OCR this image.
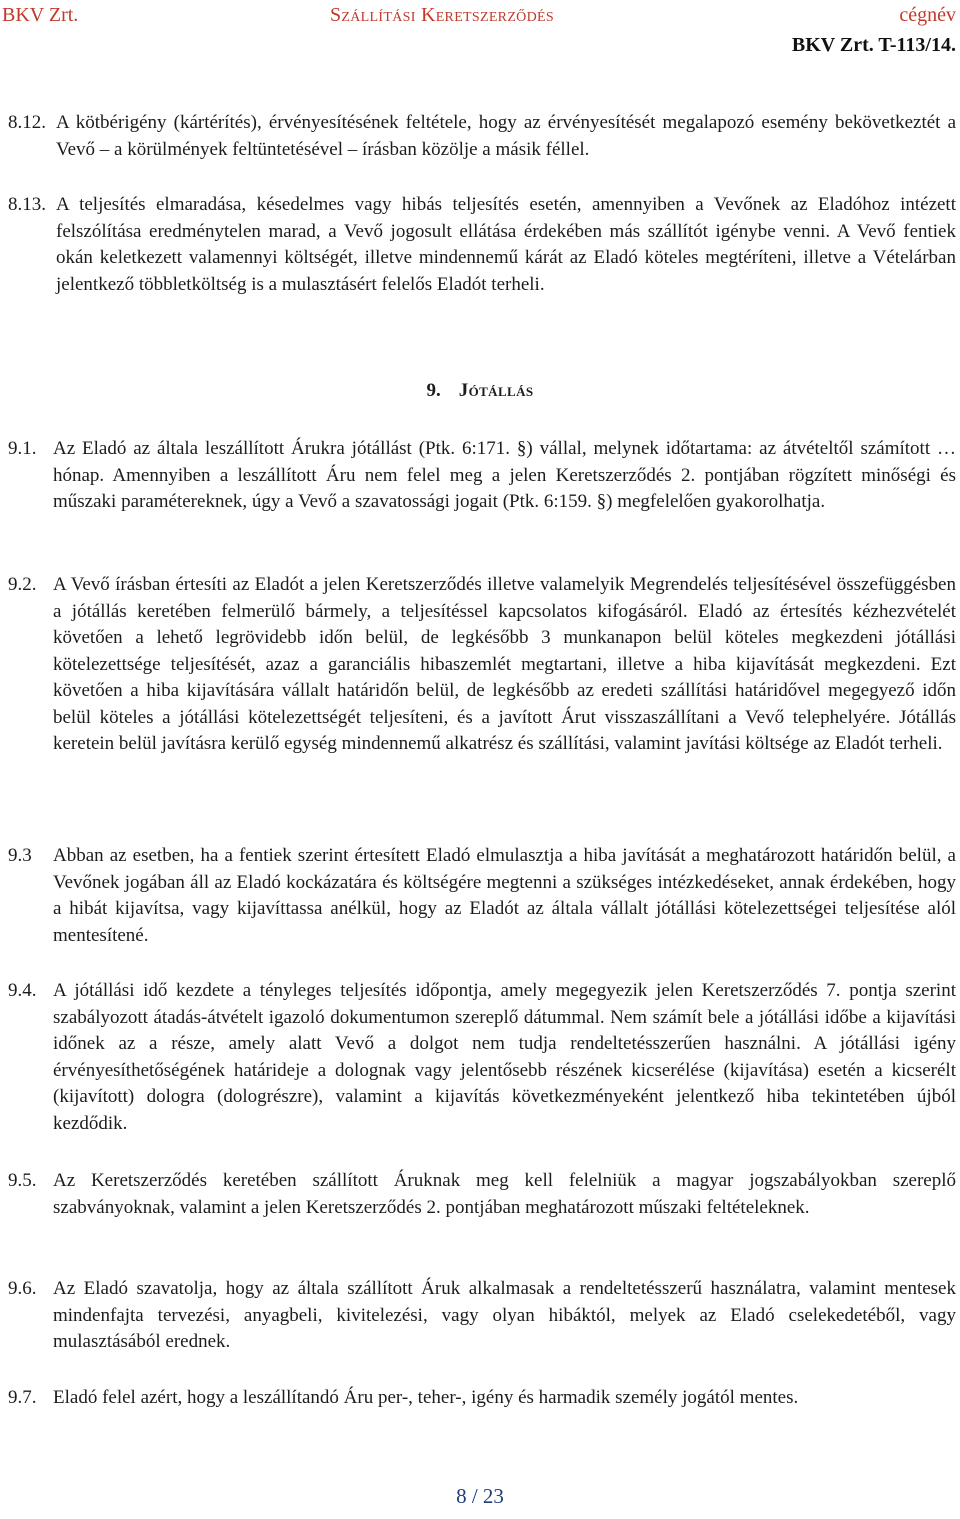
BKV Zrt.	Szállítási Keretszerződés	cégnév
BKV Zrt. T-113/14.
8.12. A kötbérigény (kártérítés), érvényesítésének feltétele, hogy az érvényesítését megalapozó esemény bekövetkeztét a Vevő – a körülmények feltüntetésével – írásban közölje a másik féllel.
8.13. A teljesítés elmaradása, késedelmes vagy hibás teljesítés esetén, amennyiben a Vevőnek az Eladóhoz intézett felszólítása eredménytelen marad, a Vevő jogosult ellátása érdekében más szállítót igénybe venni. A Vevő fentiek okán keletkezett valamennyi költségét, illetve mindennemű kárát az Eladó köteles megtéríteni, illetve a Vételárban jelentkező többletköltség is a mulasztásért felelős Eladót terheli.
9. Jótállás
9.1. Az Eladó az általa leszállított Árukra jótállást (Ptk. 6:171. §) vállal, melynek időtartama: az átvételtől számított … hónap. Amennyiben a leszállított Áru nem felel meg a jelen Keretszerződés 2. pontjában rögzített minőségi és műszaki paramétereknek, úgy a Vevő a szavatossági jogait (Ptk. 6:159. §) megfelelően gyakorolhatja.
9.2. A Vevő írásban értesíti az Eladót a jelen Keretszerződés illetve valamelyik Megrendelés teljesítésével összefüggésben a jótállás keretében felmerülő bármely, a teljesítéssel kapcsolatos kifogásáról. Eladó az értesítés kézhezvételét követően a lehető legrövidebb időn belül, de legkésőbb 3 munkanapon belül köteles megkezdeni jótállási kötelezettsége teljesítését, azaz a garanciális hibaszemlét megtartani, illetve a hiba kijavítását megkezdeni. Ezt követően a hiba kijavítására vállalt határidőn belül, de legkésőbb az eredeti szállítási határidővel megegyező időn belül köteles a jótállási kötelezettségét teljesíteni, és a javított Árut visszaszállítani a Vevő telephelyére. Jótállás keretein belül javításra kerülő egység mindennemű alkatrész és szállítási, valamint javítási költsége az Eladót terheli.
9.3	Abban az esetben, ha a fentiek szerint értesített Eladó elmulasztja a hiba javítását a meghatározott határidőn belül, a Vevőnek jogában áll az Eladó kockázatára és költségére megtenni a szükséges intézkedéseket, annak érdekében, hogy a hibát kijavítsa, vagy kijavíttassa anélkül, hogy az Eladót az általa vállalt jótállási kötelezettségei teljesítése alól mentesítené.
9.4. A jótállási idő kezdete a tényleges teljesítés időpontja, amely megegyezik jelen Keretszerződés 7. pontja szerint szabályozott átadás-átvételt igazoló dokumentumon szereplő dátummal. Nem számít bele a jótállási időbe a kijavítási időnek az a része, amely alatt Vevő a dolgot nem tudja rendeltetésszerűen használni. A jótállási igény érvényesíthetőségének határideje a dolognak vagy jelentősebb részének kicserélése (kijavítása) esetén a kicserélt (kijavított) dologra (dologrészre), valamint a kijavítás következményeként jelentkező hiba tekintetében újból kezdődik.
9.5. Az Keretszerződés keretében szállított Áruknak meg kell felelniük a magyar jogszabályokban szereplő szabványoknak, valamint a jelen Keretszerződés 2. pontjában meghatározott műszaki feltételeknek.
9.6. Az Eladó szavatolja, hogy az általa szállított Áruk alkalmasak a rendeltetésszerű használatra, valamint mentesek mindenfajta tervezési, anyagbeli, kivitelezési, vagy olyan hibáktól, melyek az Eladó cselekedetéből, vagy mulasztásából erednek.
9.7. Eladó felel azért, hogy a leszállítandó Áru per-, teher-, igény és harmadik személy jogától mentes.
8 / 23
